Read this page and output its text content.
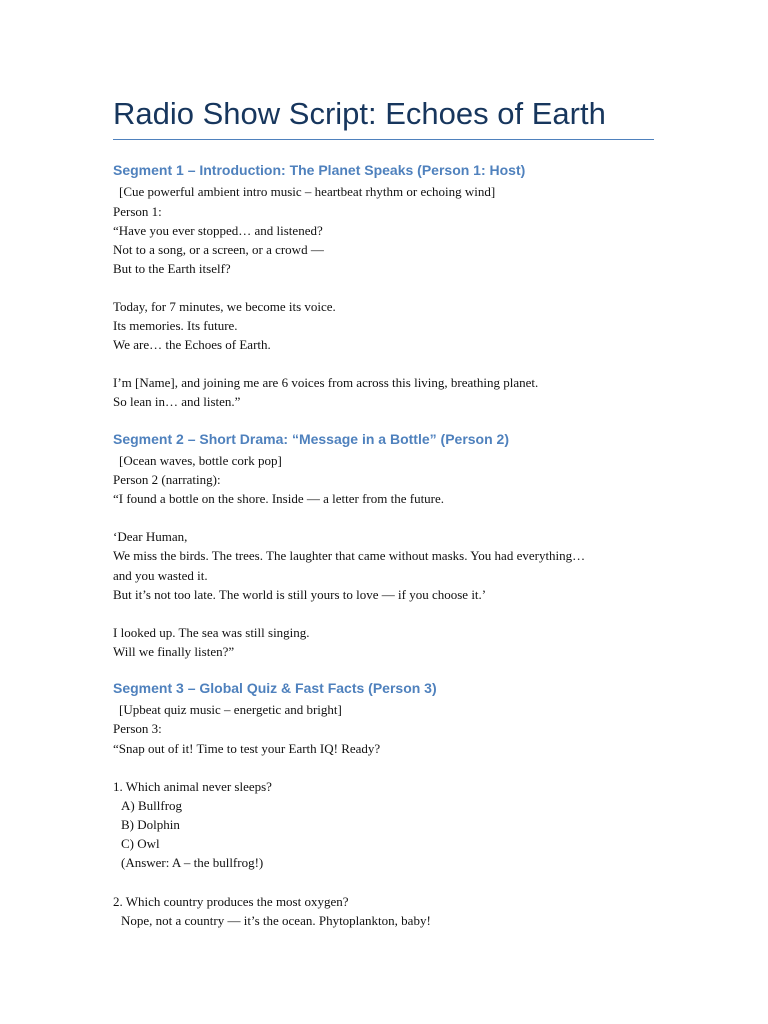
Radio Show Script: Echoes of Earth
Segment 1 – Introduction: The Planet Speaks (Person 1: Host)
[Cue powerful ambient intro music – heartbeat rhythm or echoing wind]
Person 1:
“Have you ever stopped… and listened?
Not to a song, or a screen, or a crowd —
But to the Earth itself?
Today, for 7 minutes, we become its voice.
Its memories. Its future.
We are… the Echoes of Earth.
I’m [Name], and joining me are 6 voices from across this living, breathing planet.
So lean in… and listen.”
Segment 2 – Short Drama: “Message in a Bottle” (Person 2)
[Ocean waves, bottle cork pop]
Person 2 (narrating):
“I found a bottle on the shore. Inside — a letter from the future.
‘Dear Human,
We miss the birds. The trees. The laughter that came without masks. You had everything…
and you wasted it.
But it’s not too late. The world is still yours to love — if you choose it.’
I looked up. The sea was still singing.
Will we finally listen?”
Segment 3 – Global Quiz & Fast Facts (Person 3)
[Upbeat quiz music – energetic and bright]
Person 3:
“Snap out of it! Time to test your Earth IQ! Ready?
1. Which animal never sleeps?
A) Bullfrog
B) Dolphin
C) Owl
(Answer: A – the bullfrog!)
2. Which country produces the most oxygen?
Nope, not a country — it’s the ocean. Phytoplankton, baby!
